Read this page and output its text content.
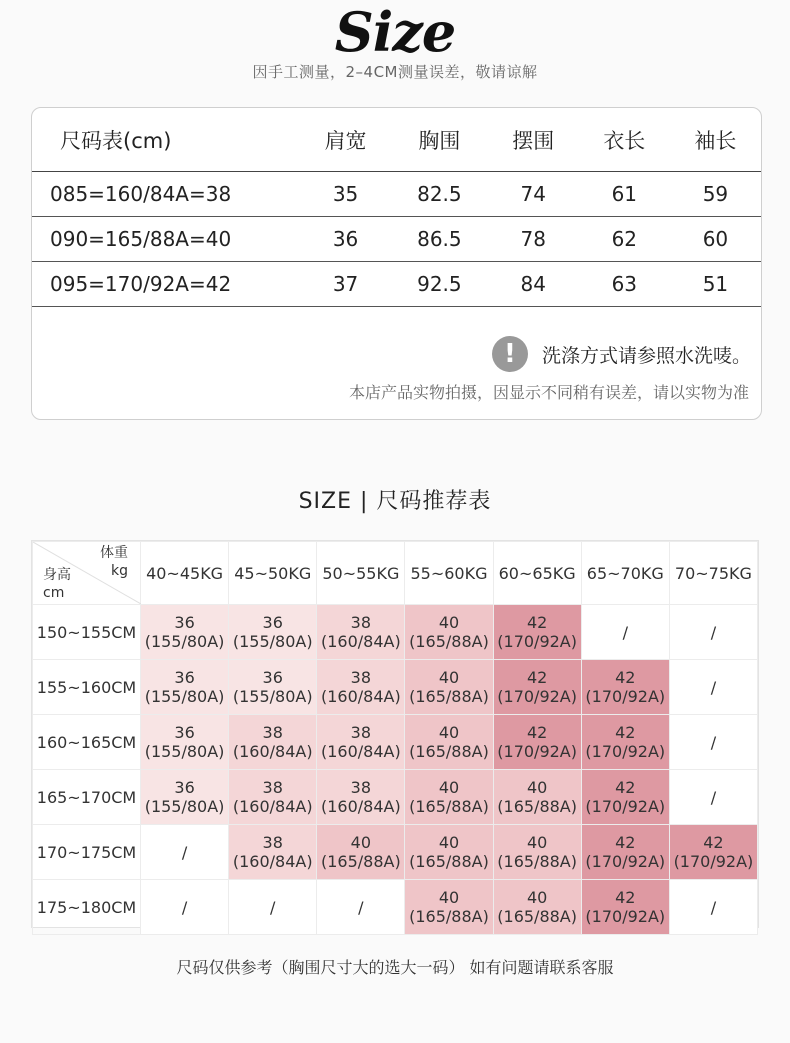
Size
因手工测量，2–4CM测量误差，敬请谅解
尺码表(cm)	肩宽	胸围	摆围	衣长	袖长
085=160/84A=38	35	82.5	74	61	59
090=165/88A=40	36	86.5	78	62	60
095=170/92A=42	37	92.5	84	63	51
!	洗涤方式请参照水洗唛。
本店产品实物拍摄，因显示不同稍有误差，请以实物为准
SIZE | 尺码推荐表
体重
kg
身高
cm	40~45KG	45~50KG	50~55KG	55~60KG	60~65KG	65~70KG	70~75KG
150~155CM	36
(155/80A)	36
(155/80A)	38
(160/84A)	40
(165/88A)	42
(170/92A)	/	/

155~160CM	36
(155/80A)	36
(155/80A)	38
(160/84A)	40
(165/88A)	42
(170/92A)	42
(170/92A)	/

160~165CM	36
(155/80A)	38
(160/84A)	38
(160/84A)	40
(165/88A)	42
(170/92A)	42
(170/92A)	/

165~170CM	36
(155/80A)	38
(160/84A)	38
(160/84A)	40
(165/88A)	40
(165/88A)	42
(170/92A)	/

170~175CM	/	38
(160/84A)	40
(165/88A)	40
(165/88A)	40
(165/88A)	42
(170/92A)	42
(170/92A)

175~180CM	/	/	/	40
(165/88A)	40
(165/88A)	42
(170/92A)	/
尺码仅供参考（胸围尺寸大的选大一码） 如有问题请联系客服
